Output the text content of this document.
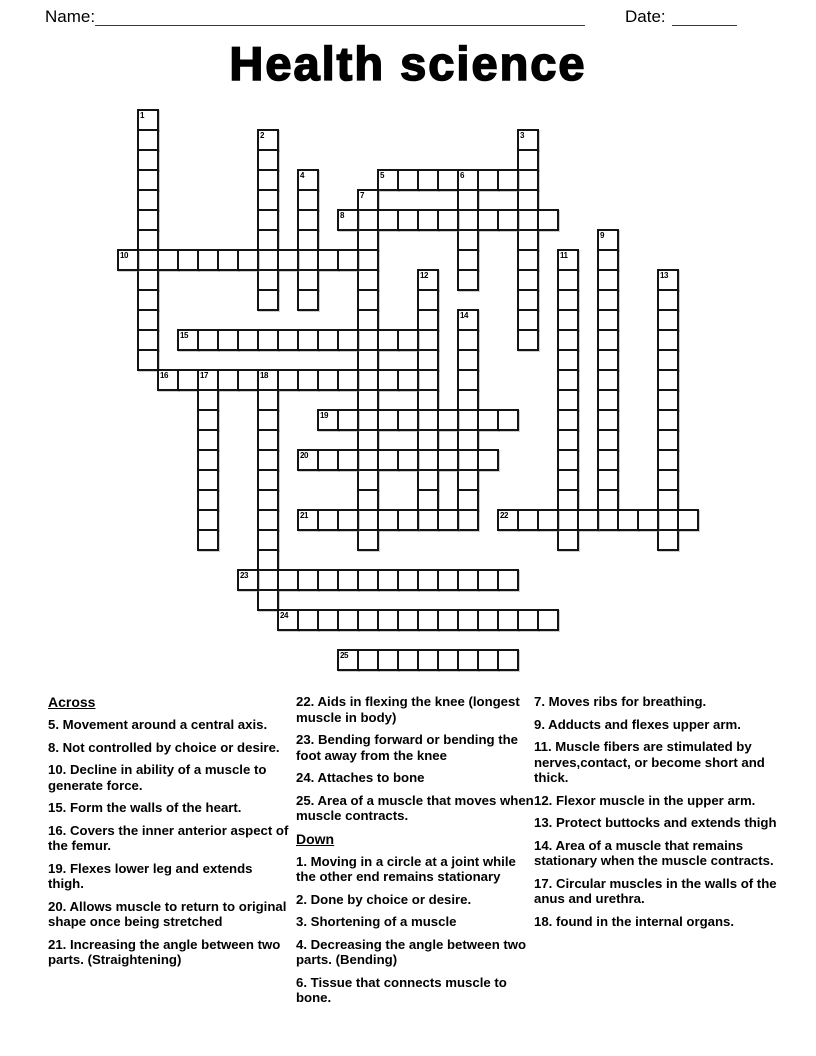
Name:	Date:
Health science
1
2	3
4	5	6
7
8
9
10	11
12	13
14
15
16	17	18
19
20
21	22
23
24
25
Across
5. Movement around a central axis.
8. Not controlled by choice or desire.
10. Decline in ability of a muscle to generate force.
15. Form the walls of the heart.
16. Covers the inner anterior aspect of the femur.
19. Flexes lower leg and extends thigh.
20. Allows muscle to return to original shape once being stretched
21. Increasing the angle between two parts. (Straightening)
22. Aids in flexing the knee (longest muscle in body)
23. Bending forward or bending the foot away from the knee
24. Attaches to bone
25. Area of a muscle that moves when muscle contracts.
Down
1. Moving in a circle at a joint while the other end remains stationary
2. Done by choice or desire.
3. Shortening of a muscle
4. Decreasing the angle between two parts. (Bending)
6. Tissue that connects muscle to bone.
7. Moves ribs for breathing.
9. Adducts and flexes upper arm.
11. Muscle fibers are stimulated by nerves,contact, or become short and thick.
12. Flexor muscle in the upper arm.
13. Protect buttocks and extends thigh
14. Area of a muscle that remains stationary when the muscle contracts.
17. Circular muscles in the walls of the anus and urethra.
18. found in the internal organs.
